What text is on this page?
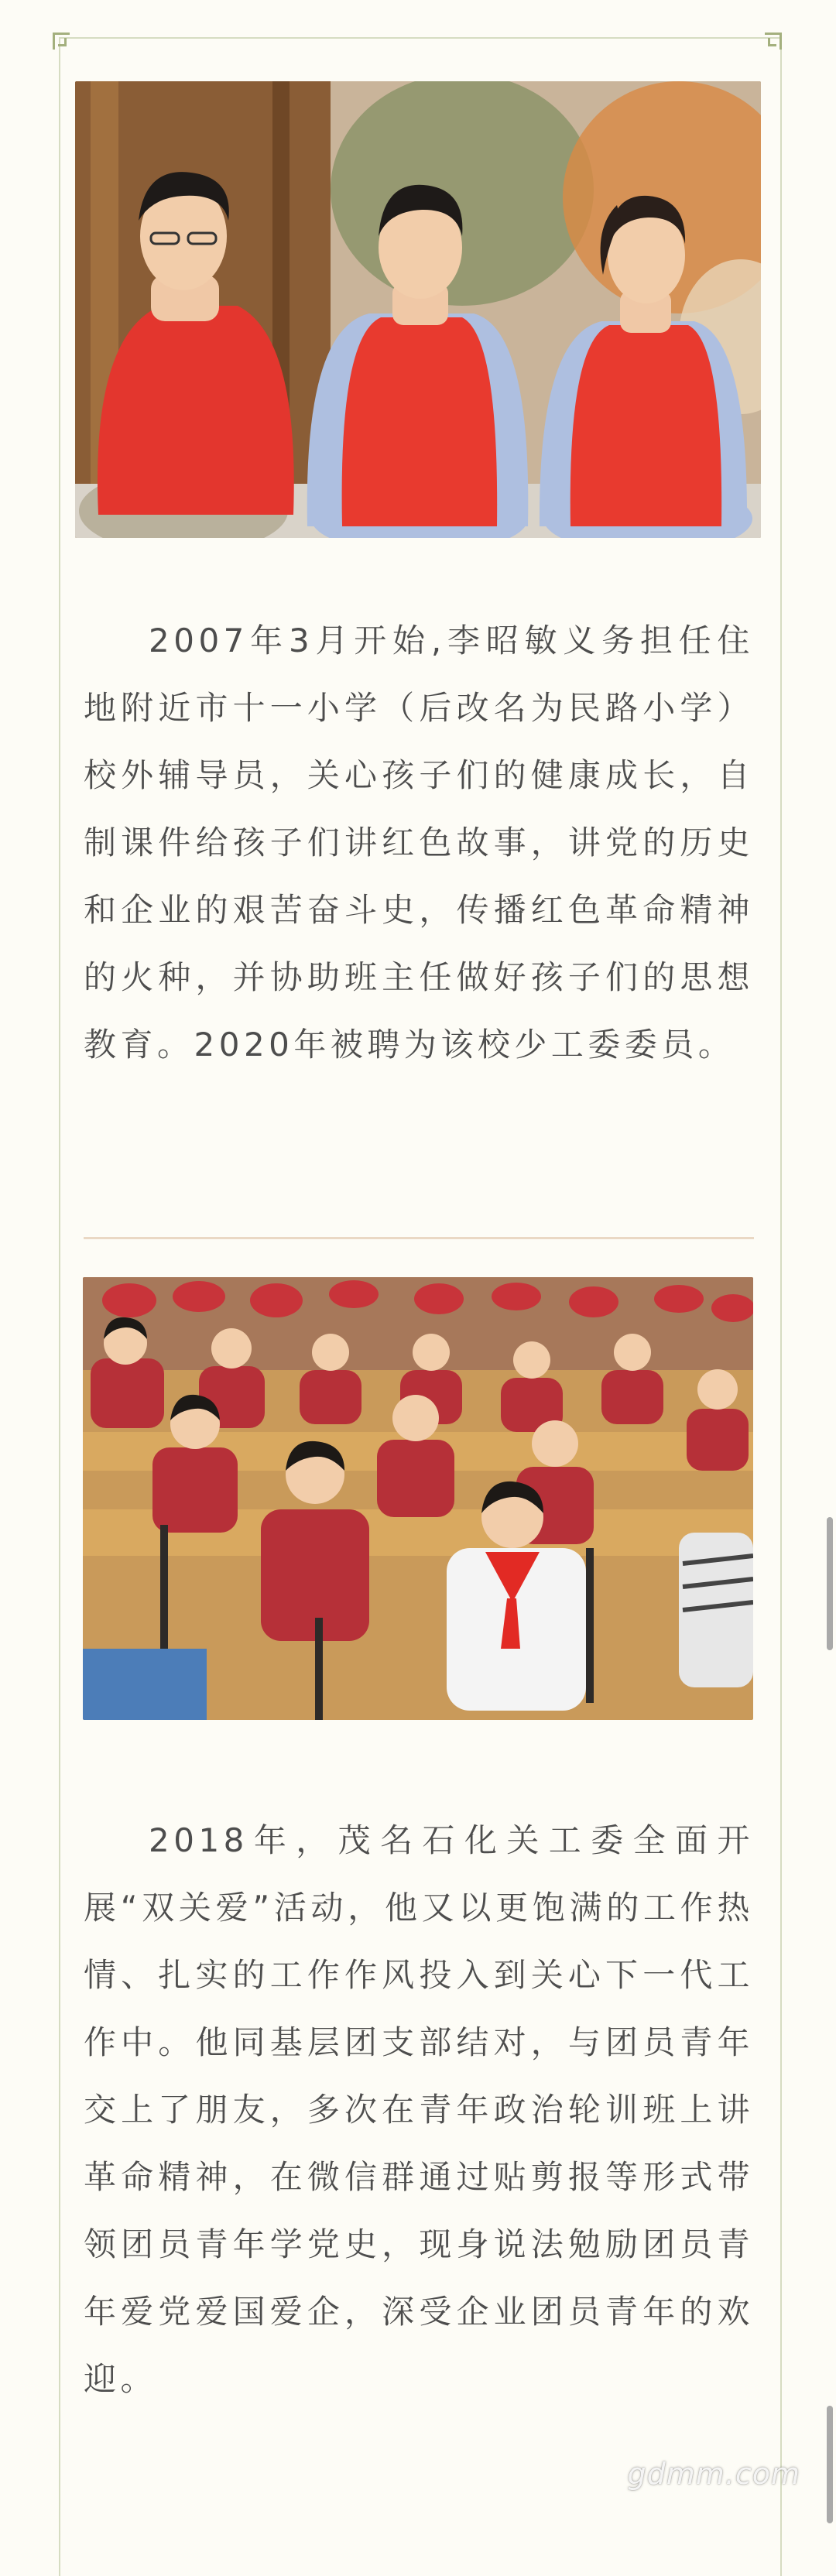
2007年3月开始,李昭敏义务担任住地附近市十一小学（后改名为民路小学）校外辅导员，关心孩子们的健康成长，自制课件给孩子们讲红色故事，讲党的历史和企业的艰苦奋斗史，传播红色革命精神的火种，并协助班主任做好孩子们的思想教育。2020年被聘为该校少工委委员。

2018年，茂名石化关工委全面开展“双关爱”活动，他又以更饱满的工作热情、扎实的工作作风投入到关心下一代工作中。他同基层团支部结对，与团员青年交上了朋友，多次在青年政治轮训班上讲革命精神，在微信群通过贴剪报等形式带领团员青年学党史，现身说法勉励团员青年爱党爱国爱企，深受企业团员青年的欢迎。

gdmm.com
